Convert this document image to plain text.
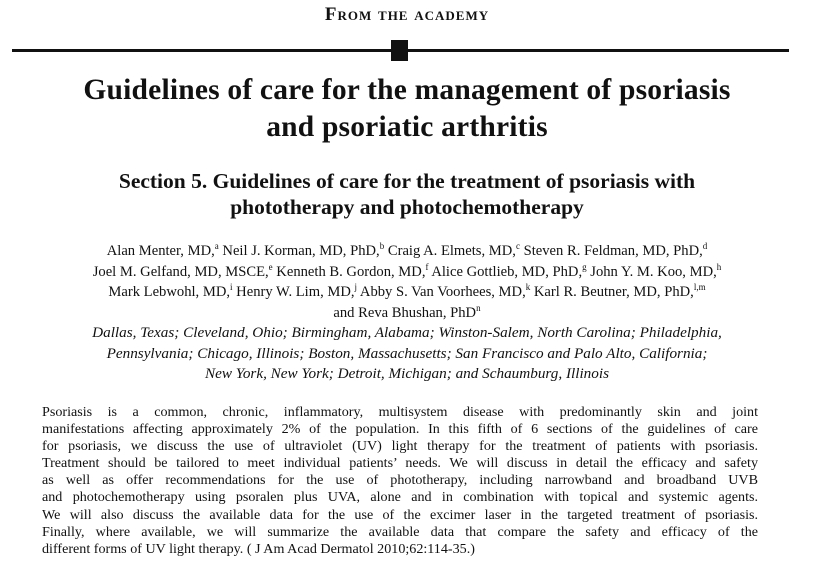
From the academy
Guidelines of care for the management of psoriasis
and psoriatic arthritis
Section 5. Guidelines of care for the treatment of psoriasis with
phototherapy and photochemotherapy
Alan Menter, MD,$^a$ Neil J. Korman, MD, PhD,$^b$ Craig A. Elmets, MD,$^c$ Steven R. Feldman, MD, PhD,$^d$
Joel M. Gelfand, MD, MSCE,$^e$ Kenneth B. Gordon, MD,$^f$ Alice Gottlieb, MD, PhD,$^g$ John Y. M. Koo, MD,$^h$
Mark Lebwohl, MD,$^i$ Henry W. Lim, MD,$^j$ Abby S. Van Voorhees, MD,$^k$ Karl R. Beutner, MD, PhD,$^{l,m}$
and Reva Bhushan, PhD$^n$
Dallas, Texas; Cleveland, Ohio; Birmingham, Alabama; Winston-Salem, North Carolina; Philadelphia,
Pennsylvania; Chicago, Illinois; Boston, Massachusetts; San Francisco and Palo Alto, California;
New York, New York; Detroit, Michigan; and Schaumburg, Illinois
Psoriasis is a common, chronic, inflammatory, multisystem disease with predominantly skin and joint
manifestations affecting approximately 2% of the population. In this fifth of 6 sections of the guidelines of care
for psoriasis, we discuss the use of ultraviolet (UV) light therapy for the treatment of patients with psoriasis.
Treatment should be tailored to meet individual patients’ needs. We will discuss in detail the efficacy and safety
as well as offer recommendations for the use of phototherapy, including narrowband and broadband UVB
and photochemotherapy using psoralen plus UVA, alone and in combination with topical and systemic agents.
We will also discuss the available data for the use of the excimer laser in the targeted treatment of psoriasis.
Finally, where available, we will summarize the available data that compare the safety and efficacy of the
different forms of UV light therapy. ( J Am Acad Dermatol 2010;62:114-35.)
